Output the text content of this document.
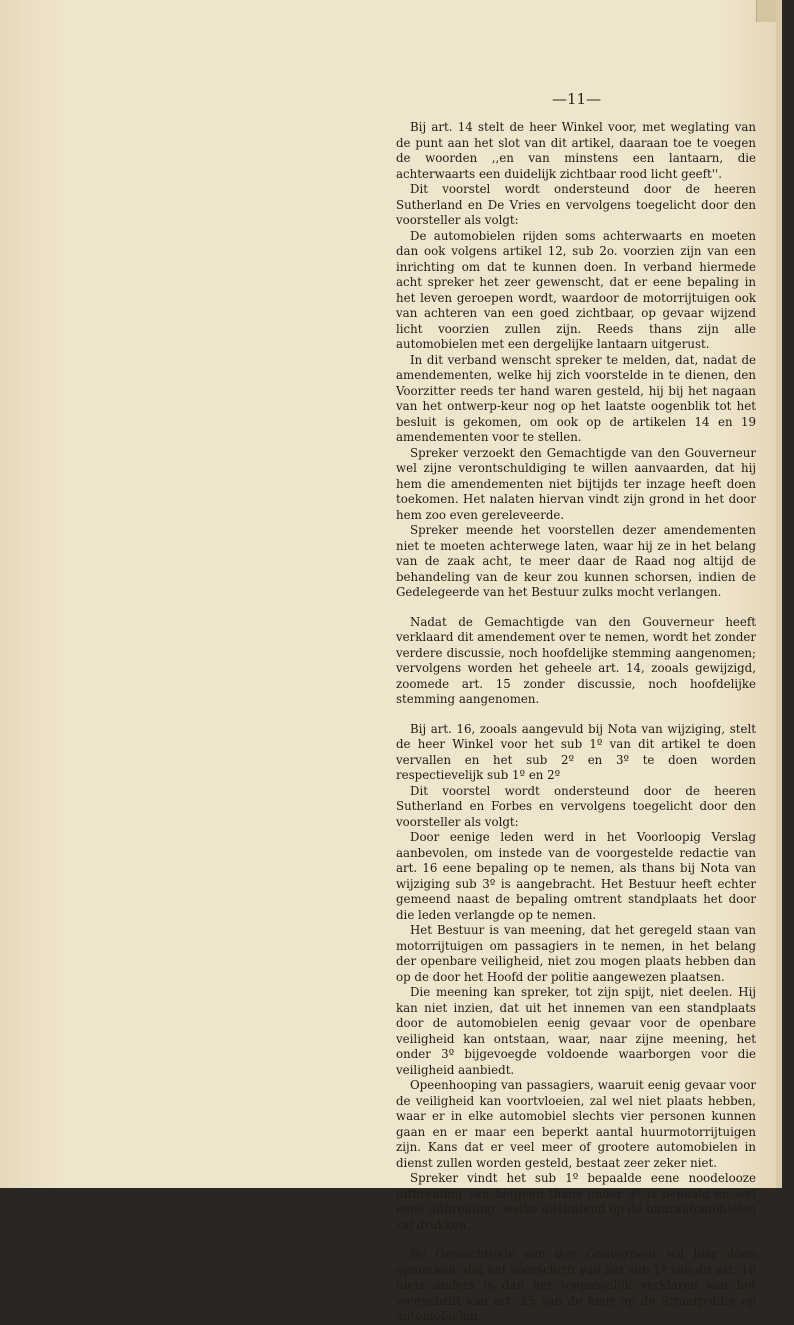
—11—

Bij art. 14 stelt de heer Winkel voor, met weglating van de punt aan het slot van dit artikel, daaraan toe te voegen de woorden ,,en van minstens een lantaarn, die achterwaarts een duidelijk zichtbaar rood licht geeft''.

Dit voorstel wordt ondersteund door de heeren Sutherland en De Vries en vervolgens toegelicht door den voorsteller als volgt:

De automobielen rijden soms achterwaarts en moeten dan ook volgens artikel 12, sub 2o. voorzien zijn van een inrichting om dat te kunnen doen. In verband hiermede acht spreker het zeer gewenscht, dat er eene bepaling in het leven geroepen wordt, waardoor de motorrijtuigen ook van achteren van een goed zichtbaar, op gevaar wijzend licht voorzien zullen zijn. Reeds thans zijn alle automobielen met een dergelijke lantaarn uitgerust.

In dit verband wenscht spreker te melden, dat, nadat de amendementen, welke hij zich voorstelde in te dienen, den Voorzitter reeds ter hand waren gesteld, hij bij het nagaan van het ontwerp-keur nog op het laatste oogenblik tot het besluit is gekomen, om ook op de artikelen 14 en 19 amendementen voor te stellen.

Spreker verzoekt den Gemachtigde van den Gouverneur wel zijne verontschuldiging te willen aanvaarden, dat hij hem die amendementen niet bijtijds ter inzage heeft doen toekomen. Het nalaten hiervan vindt zijn grond in het door hem zoo even gereleveerde.

Spreker meende het voorstellen dezer amendementen niet te moeten achterwege laten, waar hij ze in het belang van de zaak acht, te meer daar de Raad nog altijd de behandeling van de keur zou kunnen schorsen, indien de Gedelegeerde van het Bestuur zulks mocht verlangen.

Nadat de Gemachtigde van den Gouverneur heeft verklaard dit amendement over te nemen, wordt het zonder verdere discussie, noch hoofdelijke stemming aangenomen; vervolgens worden het geheele art. 14, zooals gewijzigd, zoomede art. 15 zonder discussie, noch hoofdelijke stemming aangenomen.

Bij art. 16, zooals aangevuld bij Nota van wijziging, stelt de heer Winkel voor het sub 1º van dit artikel te doen vervallen en het sub 2º en 3º te doen worden respectievelijk sub 1º en 2º

Dit voorstel wordt ondersteund door de heeren Sutherland en Forbes en vervolgens toegelicht door den voorsteller als volgt:

Door eenige leden werd in het Voorloopig Verslag aanbevolen, om instede van de voorgestelde redactie van art. 16 eene bepaling op te nemen, als thans bij Nota van wijziging sub 3º is aangebracht. Het Bestuur heeft echter gemeend naast de bepaling omtrent standplaats het door die leden verlangde op te nemen.

Het Bestuur is van meening, dat het geregeld staan van motorrijtuigen om passagiers in te nemen, in het belang der openbare veiligheid, niet zou mogen plaats hebben dan op de door het Hoofd der politie aangewezen plaatsen.

Die meening kan spreker, tot zijn spijt, niet deelen. Hij kan niet inzien, dat uit het innemen van een standplaats door de automobielen eenig gevaar voor de openbare veiligheid kan ontstaan, waar, naar zijne meening, het onder 3º bijgevoegde voldoende waarborgen voor die veiligheid aanbiedt.

Opeenhooping van passagiers, waaruit eenig gevaar voor de veiligheid kan voortvloeien, zal wel niet plaats hebben, waar er in elke automobiel slechts vier personen kunnen gaan en er maar een beperkt aantal huurmotorrijtuigen zijn. Kans dat er veel meer of grootere automobielen in dienst zullen worden gesteld, bestaat zeer zeker niet.

Spreker vindt het sub 1º bepaalde eene noodelooze uitbreiding van hetgeen thans onder 3º is bepaald en wel eene uitbreiding, welke uitsluitend op de huurautomobielen zal drukken.

De Gemachtigde van den Gouverneur wil hier doen opmerken, dat het voorschrift van het sub 1º van dit art. 16 niets anders is dan het toepasselijk verklaren van het voorschrift van art. 25 van de keur op de Straatpolitie op automobielen
